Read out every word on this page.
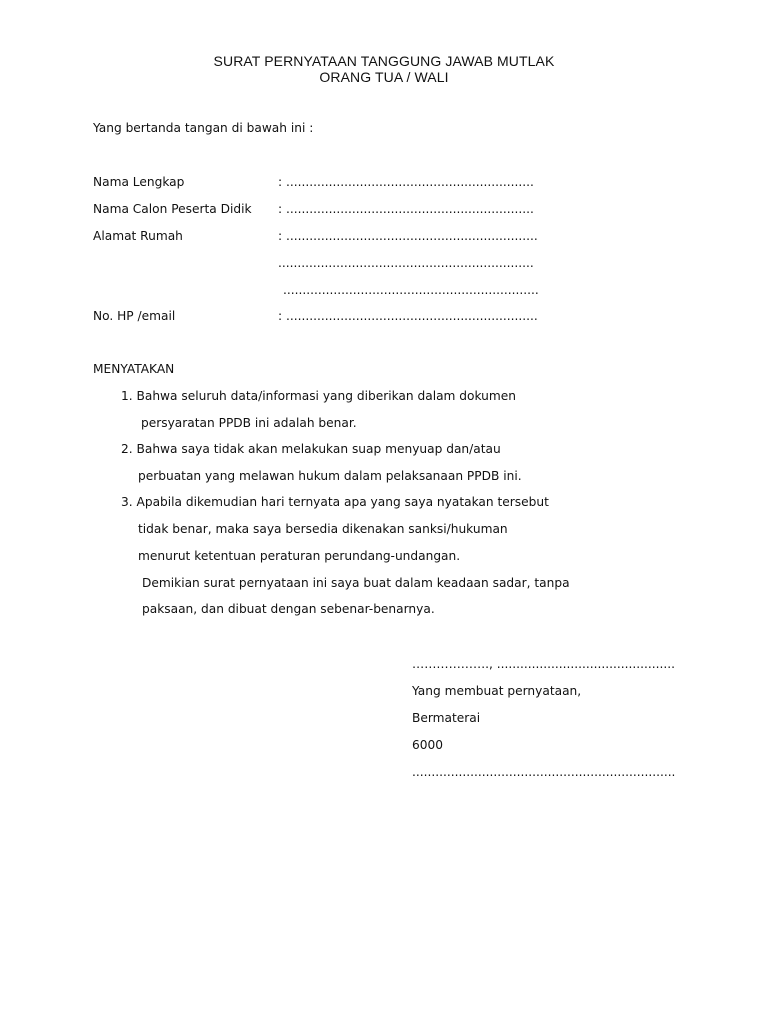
SURAT PERNYATAAN TANGGUNG JAWAB MUTLAK
ORANG TUA / WALI
Yang bertanda tangan di bawah ini :
Nama Lengkap	: ................................................................
Nama Calon Peserta Didik : ................................................................
Alamat Rumah	: .................................................................
..................................................................
..................................................................
No. HP /email	: .................................................................
MENYATAKAN
1. Bahwa seluruh data/informasi yang diberikan dalam dokumen
persyaratan PPDB ini adalah benar.
2. Bahwa saya tidak akan melakukan suap menyuap dan/atau
perbuatan yang melawan hukum dalam pelaksanaan PPDB ini.
3. Apabila dikemudian hari ternyata apa yang saya nyatakan tersebut
tidak benar, maka saya bersedia dikenakan sanksi/hukuman
menurut ketentuan peraturan perundang-undangan.
Demikian surat pernyataan ini saya buat dalam keadaan sadar, tanpa
paksaan, dan dibuat dengan sebenar-benarnya.
………………., ..............................................
Yang membuat pernyataan,
Bermaterai
6000
....................................................................
